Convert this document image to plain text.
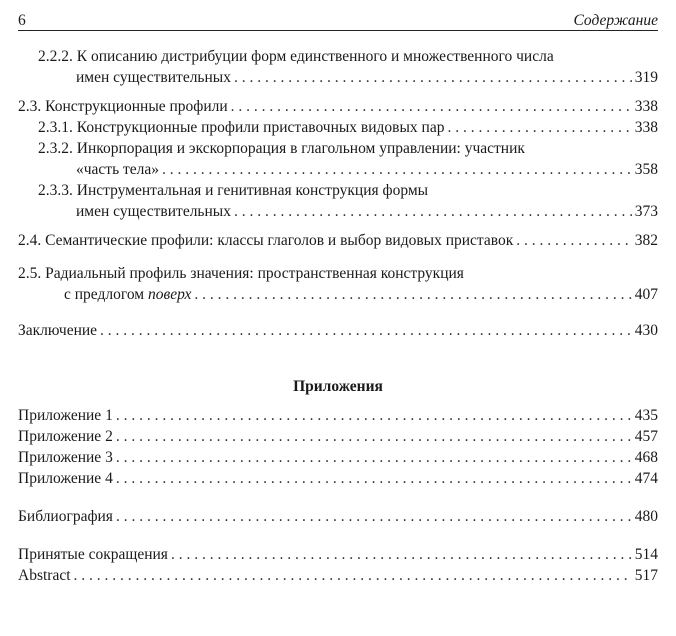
6	Содержание
2.2.2. К описанию дистрибуции форм единственного и множественного числа
имен существительных . . .	319
2.3. Конструкционные профили . . .	338
2.3.1. Конструкционные профили приставочных видовых пар . . .	338
2.3.2. Инкорпорация и экскорпорация в глагольном управлении: участник
«часть тела» . . .	358
2.3.3. Инструментальная и генитивная конструкция формы
имен существительных . . .	373
2.4. Семантические профили: классы глаголов и выбор видовых приставок . . .	382
2.5. Радиальный профиль значения: пространственная конструкция
с предлогом поверх . . .	407
Заключение . . .	430
Приложения
Приложение 1 . . .	435
Приложение 2 . . .	457
Приложение 3 . . .	468
Приложение 4 . . .	474
Библиография . . .	480
Принятые сокращения . . .	514
Abstract . . .	517
